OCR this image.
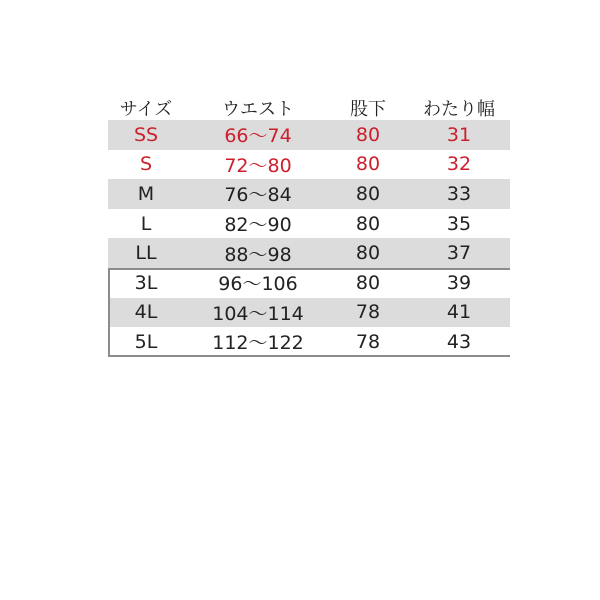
サイズ	ウエスト	股下	わたり幅
SS	66〜74	80	31
S	72〜80	80	32
M	76〜84	80	33
L	82〜90	80	35
LL	88〜98	80	37
3L	96〜106	80	39
4L	104〜114	78	41
5L	112〜122	78	43
